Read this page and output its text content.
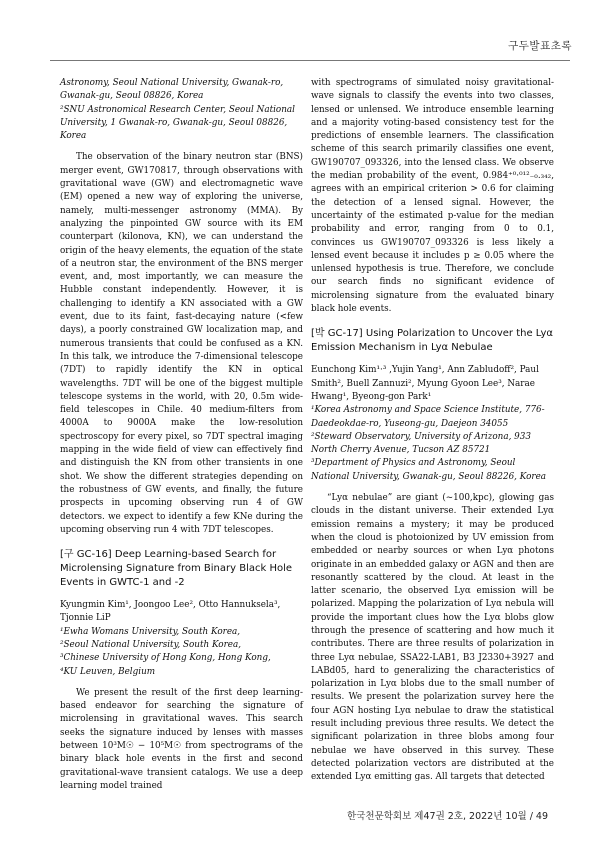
구두발표초록

Astronomy, Seoul National University, Gwanak-ro, Gwanak-gu, Seoul 08826, Korea

²SNU Astronomical Research Center, Seoul National University, 1 Gwanak-ro, Gwanak-gu, Seoul 08826, Korea

The observation of the binary neutron star (BNS) merger event, GW170817, through observations with gravitational wave (GW) and electromagnetic wave (EM) opened a new way of exploring the universe, namely, multi-messenger astronomy (MMA). By analyzing the pinpointed GW source with its EM counterpart (kilonova, KN), we can understand the origin of the heavy elements, the equation of the state of a neutron star, the environment of the BNS merger event, and, most importantly, we can measure the Hubble constant independently. However, it is challenging to identify a KN associated with a GW event, due to its faint, fast-decaying nature (<few days), a poorly constrained GW localization map, and numerous transients that could be confused as a KN. In this talk, we introduce the 7-dimensional telescope (7DT) to rapidly identify the KN in optical wavelengths. 7DT will be one of the biggest multiple telescope systems in the world, with 20, 0.5m wide-field telescopes in Chile. 40 medium-filters from 4000A to 9000A make the low-resolution spectroscopy for every pixel, so 7DT spectral imaging mapping in the wide field of view can effectively find and distinguish the KN from other transients in one shot. We show the different strategies depending on the robustness of GW events, and finally, the future prospects in upcoming observing run 4 of GW detectors. we expect to identify a few KNe during the upcoming observing run 4 with 7DT telescopes.

[구 GC-16] Deep Learning-based Search for Microlensing Signature from Binary Black Hole Events in GWTC-1 and -2

Kyungmin Kim¹, Joongoo Lee², Otto Hannuksela³, Tjonnie LiP

¹Ewha Womans University, South Korea,

²Seoul National University, South Korea,

³Chinese University of Hong Kong, Hong Kong,

⁴KU Leuven, Belgium

We present the result of the first deep learning-based endeavor for searching the signature of microlensing in gravitational waves. This search seeks the signature induced by lenses with masses between 10³M☉ − 10⁵M☉ from spectrograms of the binary black hole events in the first and second gravitational-wave transient catalogs. We use a deep learning model trained

with spectrograms of simulated noisy gravitational-wave signals to classify the events into two classes, lensed or unlensed. We introduce ensemble learning and a majority voting-based consistency test for the predictions of ensemble learners. The classification scheme of this search primarily classifies one event, GW190707_093326, into the lensed class. We observe the median probability of the event, 0.984⁺⁰·⁰¹²₋₀.₃₄₂, agrees with an empirical criterion > 0.6 for claiming the detection of a lensed signal. However, the uncertainty of the estimated p-value for the median probability and error, ranging from 0 to 0.1, convinces us GW190707_093326 is less likely a lensed event because it includes p ≥ 0.05 where the unlensed hypothesis is true. Therefore, we conclude our search finds no significant evidence of microlensing signature from the evaluated binary black hole events.

[박 GC-17] Using Polarization to Uncover the Lyα Emission Mechanism in Lyα Nebulae

Eunchong Kim¹·³ ,Yujin Yang¹, Ann Zabludoff², Paul Smith², Buell Zannuzi², Myung Gyoon Lee³, Narae Hwang¹, Byeong-gon Park¹

¹Korea Astronomy and Space Science Institute, 776- Daedeokdae-ro, Yuseong-gu, Daejeon 34055

²Steward Observatory, University of Arizona, 933 North Cherry Avenue, Tucson AZ 85721

³Department of Physics and Astronomy, Seoul National University, Gwanak-gu, Seoul 88226, Korea

“Lyα nebulae” are giant (~100,kpc), glowing gas clouds in the distant universe. Their extended Lyα emission remains a mystery; it may be produced when the cloud is photoionized by UV emission from embedded or nearby sources or when Lyα photons originate in an embedded galaxy or AGN and then are resonantly scattered by the cloud. At least in the latter scenario, the observed Lyα emission will be polarized. Mapping the polarization of Lyα nebula will provide the important clues how the Lyα blobs glow through the presence of scattering and how much it contributes. There are three results of polarization in three Lyα nebulae, SSA22-LAB1, B3 J2330+3927 and LABd05, hard to generalizing the characteristics of polarization in Lyα blobs due to the small number of results. We present the polarization survey here the four AGN hosting Lyα nebulae to draw the statistical result including previous three results. We detect the significant polarization in three blobs among four nebulae we have observed in this survey. These detected polarization vectors are distributed at the extended Lyα emitting gas. All targets that detected

한국천문학회보 제47권 2호, 2022년 10월 / 49
